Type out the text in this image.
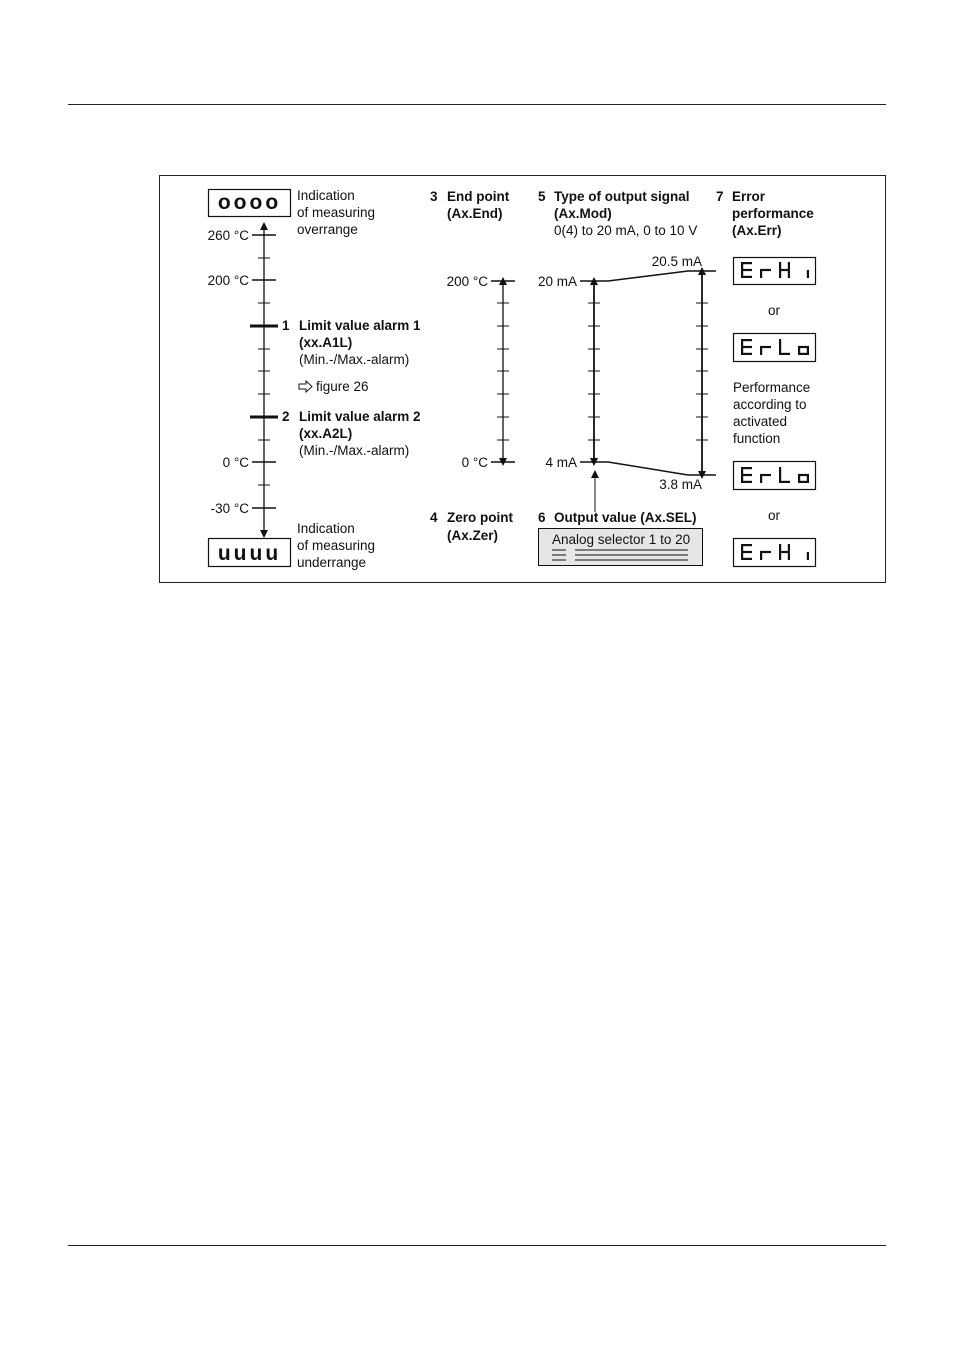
oooo Indication
of measuring
overrange
260 °C
200 °C
0 °C
-30 °C
1 Limit value alarm 1
(xx.A1L)
(Min.-/Max.-alarm)
figure 26
2 Limit value alarm 2
(xx.A2L)
(Min.-/Max.-alarm)
uuuu
Indication
of measuring
underrange
3 End point
(Ax.End)
200 °C
0 °C
4 Zero point
(Ax.Zer)
5 Type of output signal
(Ax.Mod)
0(4) to 20 mA, 0 to 10 V
20 mA
4 mA
20.5 mA
3.8 mA
6 Output value (Ax.SEL)
Analog selector 1 to 20
7 Error
performance
(Ax.Err)
or
Performance
according to
activated
function
or
